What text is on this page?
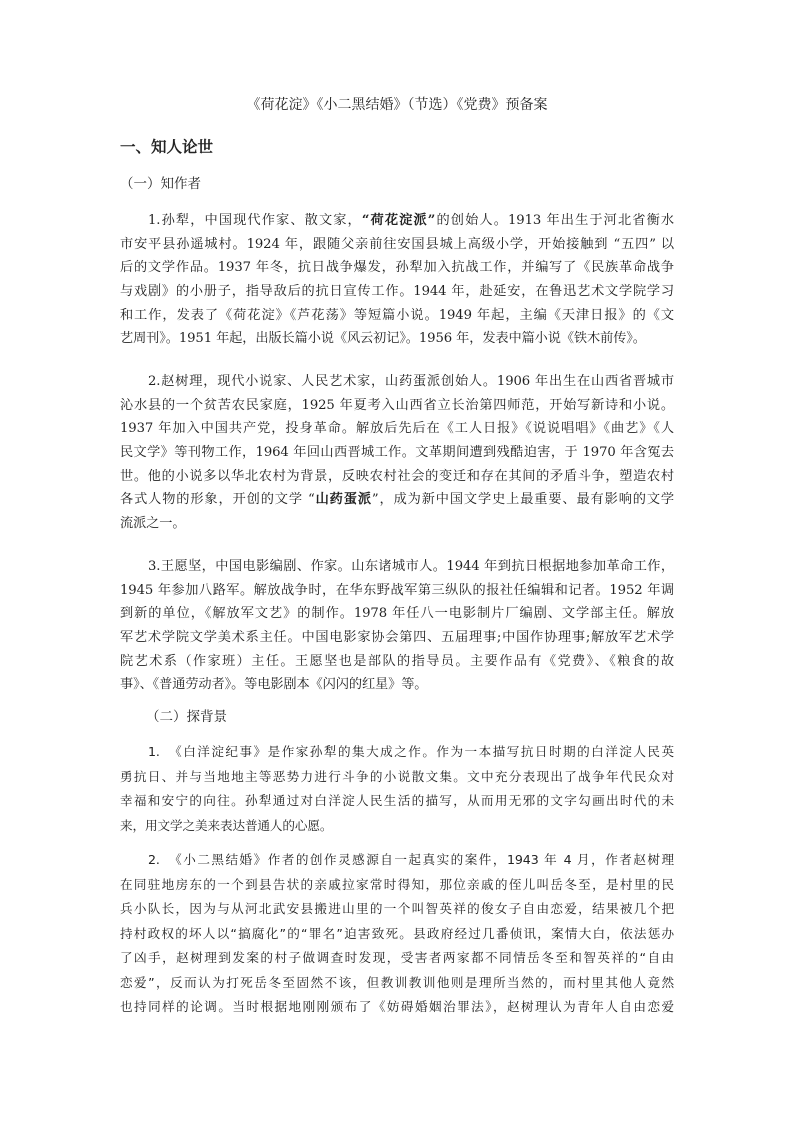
《荷花淀》《小二黑结婚》（节选）《党费》预备案
一、知人论世
（一）知作者
1.孙犁，中国现代作家、散文家，“荷花淀派”的创始人。1913 年出生于河北省衡水
市安平县孙遥城村。1924 年，跟随父亲前往安国县城上高级小学，开始接触到 “五四” 以
后的文学作品。1937 年冬，抗日战争爆发，孙犁加入抗战工作，并编写了《民族革命战争
与戏剧》的小册子，指导敌后的抗日宣传工作。1944 年，赴延安，在鲁迅艺术文学院学习
和工作，发表了《荷花淀》《芦花荡》等短篇小说。1949 年起，主编《天津日报》的《文
艺周刊》。1951 年起，出版长篇小说《风云初记》。1956 年，发表中篇小说《铁木前传》。
2.赵树理，现代小说家、人民艺术家，山药蛋派创始人。1906 年出生在山西省晋城市
沁水县的一个贫苦农民家庭，1925 年夏考入山西省立长治第四师范，开始写新诗和小说。
1937 年加入中国共产党，投身革命。解放后先后在《工人日报》《说说唱唱》《曲艺》《人
民文学》等刊物工作，1964 年回山西晋城工作。文革期间遭到残酷迫害，于 1970 年含冤去
世。他的小说多以华北农村为背景，反映农村社会的变迁和存在其间的矛盾斗争，塑造农村
各式人物的形象，开创的文学 “山药蛋派”，成为新中国文学史上最重要、最有影响的文学
流派之一。
3.王愿坚，中国电影编剧、作家。山东诸城市人。1944 年到抗日根据地参加革命工作，
1945 年参加八路军。解放战争时，在华东野战军第三纵队的报社任编辑和记者。1952 年调
到新的单位，《解放军文艺》的制作。1978 年任八一电影制片厂编剧、文学部主任。解放
军艺术学院文学美术系主任。中国电影家协会第四、五届理事;中国作协理事;解放军艺术学
院艺术系（作家班）主任。王愿坚也是部队的指导员。主要作品有《党费》、《粮食的故
事》、《普通劳动者》。等电影剧本《闪闪的红星》等。
（二）探背景
1.　《白洋淀纪事》是作家孙犁的集大成之作。作为一本描写抗日时期的白洋淀人民英
勇抗日、并与当地地主等恶势力进行斗争的小说散文集。文中充分表现出了战争年代民众对
幸福和安宁的向往。孙犁通过对白洋淀人民生活的描写，从而用无邪的文字勾画出时代的未
来，用文学之美来表达普通人的心愿。
2.　《小二黑结婚》作者的创作灵感源自一起真实的案件，1943 年 4 月，作者赵树理
在同驻地房东的一个到县告状的亲戚拉家常时得知，那位亲戚的侄儿叫岳冬至，是村里的民
兵小队长，因为与从河北武安县搬进山里的一个叫智英祥的俊女子自由恋爱，结果被几个把
持村政权的坏人以“搞腐化”的“罪名”迫害致死。县政府经过几番侦讯，案情大白，依法惩办
了凶手，赵树理到发案的村子做调查时发现，受害者两家都不同情岳冬至和智英祥的“自由
恋爱”，反而认为打死岳冬至固然不该，但教训教训他则是理所当然的，而村里其他人竟然
也持同样的论调。当时根据地刚刚颁布了《妨碍婚姻治罪法》，赵树理认为青年人自由恋爱
